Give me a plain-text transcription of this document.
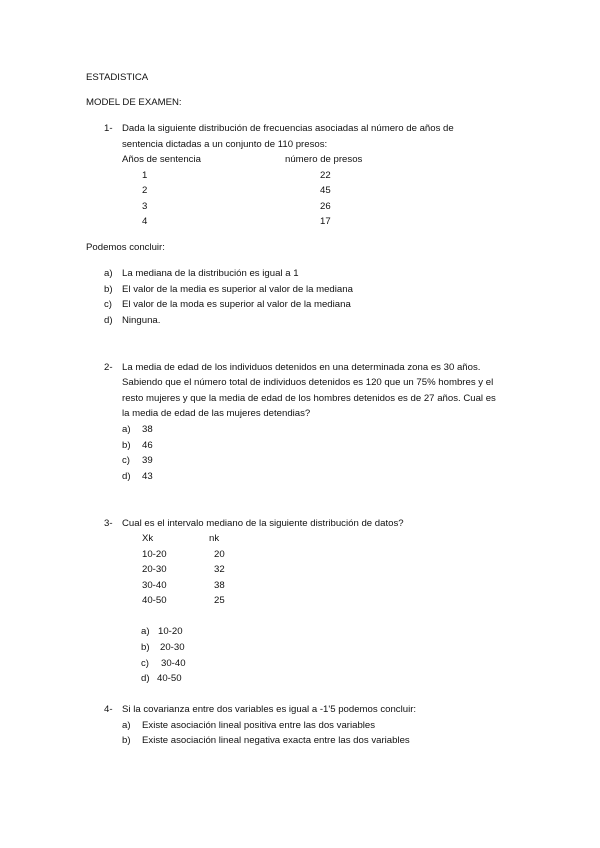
ESTADISTICA
MODEL DE EXAMEN:
1- Dada la siguiente distribución de frecuencias asociadas al número de años de
sentencia dictadas a un conjunto de 110 presos:
Años de sentencia	número de presos
1	22
2	45
3	26
4	17
Podemos concluir:
a) La mediana de la distribución es igual a 1
b) El valor de la media es superior al valor de la mediana
c) El valor de la moda es superior al valor de la mediana
d) Ninguna.
2- La media de edad de los individuos detenidos en una determinada zona es 30 años.
Sabiendo que el número total de individuos detenidos es 120 que un 75% hombres y el
resto mujeres y que la media de edad de los hombres detenidos es de 27 años. Cual es
la media de edad de las mujeres detendias?
a) 38
b) 46
c) 39
d) 43
3- Cual es el intervalo mediano de la siguiente distribución de datos?
Xk	nk
10-20	20
20-30	32
30-40	38
40-50	25
a) 10-20
b) 20-30
c) 30-40
d) 40-50
4- Si la covarianza entre dos variables es igual a -1'5 podemos concluir:
a) Existe asociación lineal positiva entre las dos variables
b) Existe asociación lineal negativa exacta entre las dos variables
